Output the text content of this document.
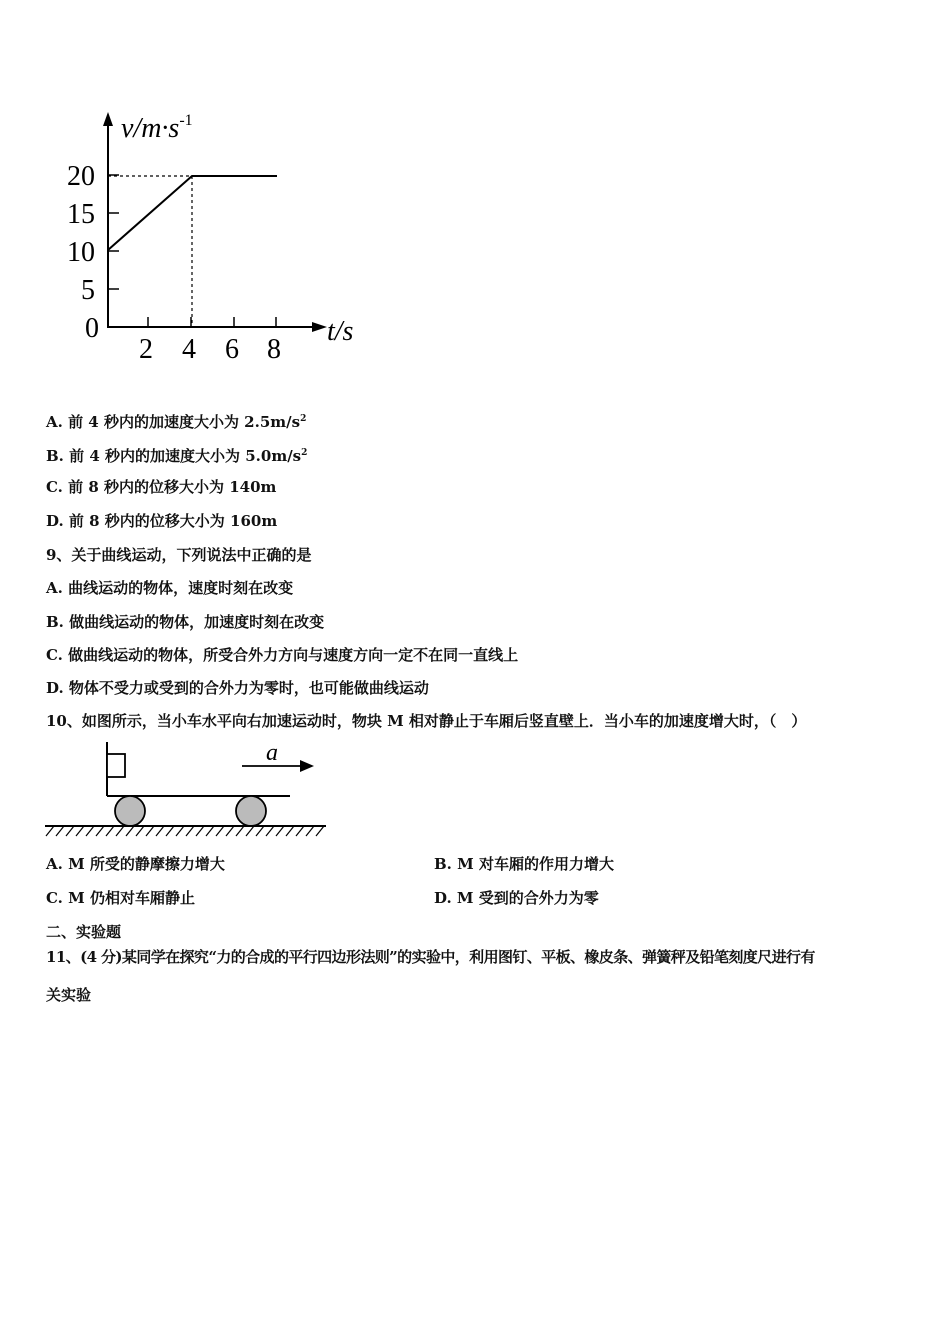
20
15
10
5
0
2 4 6 8
$v/m\cdot s^{-1}$
t/s
A. 前 4 秒内的加速度大小为 $2.5m/s^2$
B. 前 4 秒内的加速度大小为 $5.0m/s^2$
C. 前 8 秒内的位移大小为 140m
D. 前 8 秒内的位移大小为 160m
9、关于曲线运动，下列说法中正确的是
A. 曲线运动的物体，速度时刻在改变
B. 做曲线运动的物体，加速度时刻在改变
C. 做曲线运动的物体，所受合外力方向与速度方向一定不在同一直线上
D. 物体不受力或受到的合外力为零时，也可能做曲线运动
10、如图所示，当小车水平向右加速运动时，物块 M 相对静止于车厢后竖直壁上．当小车的加速度增大时，（　）
a
A. M 所受的静摩擦力增大	B. M 对车厢的作用力增大
C. M 仍相对车厢静止	D. M 受到的合外力为零
二、实验题
11、(4 分)某同学在探究“力的合成的平行四边形法则”的实验中，利用图钉、平板、橡皮条、弹簧秤及铅笔刻度尺进行有
关实验
